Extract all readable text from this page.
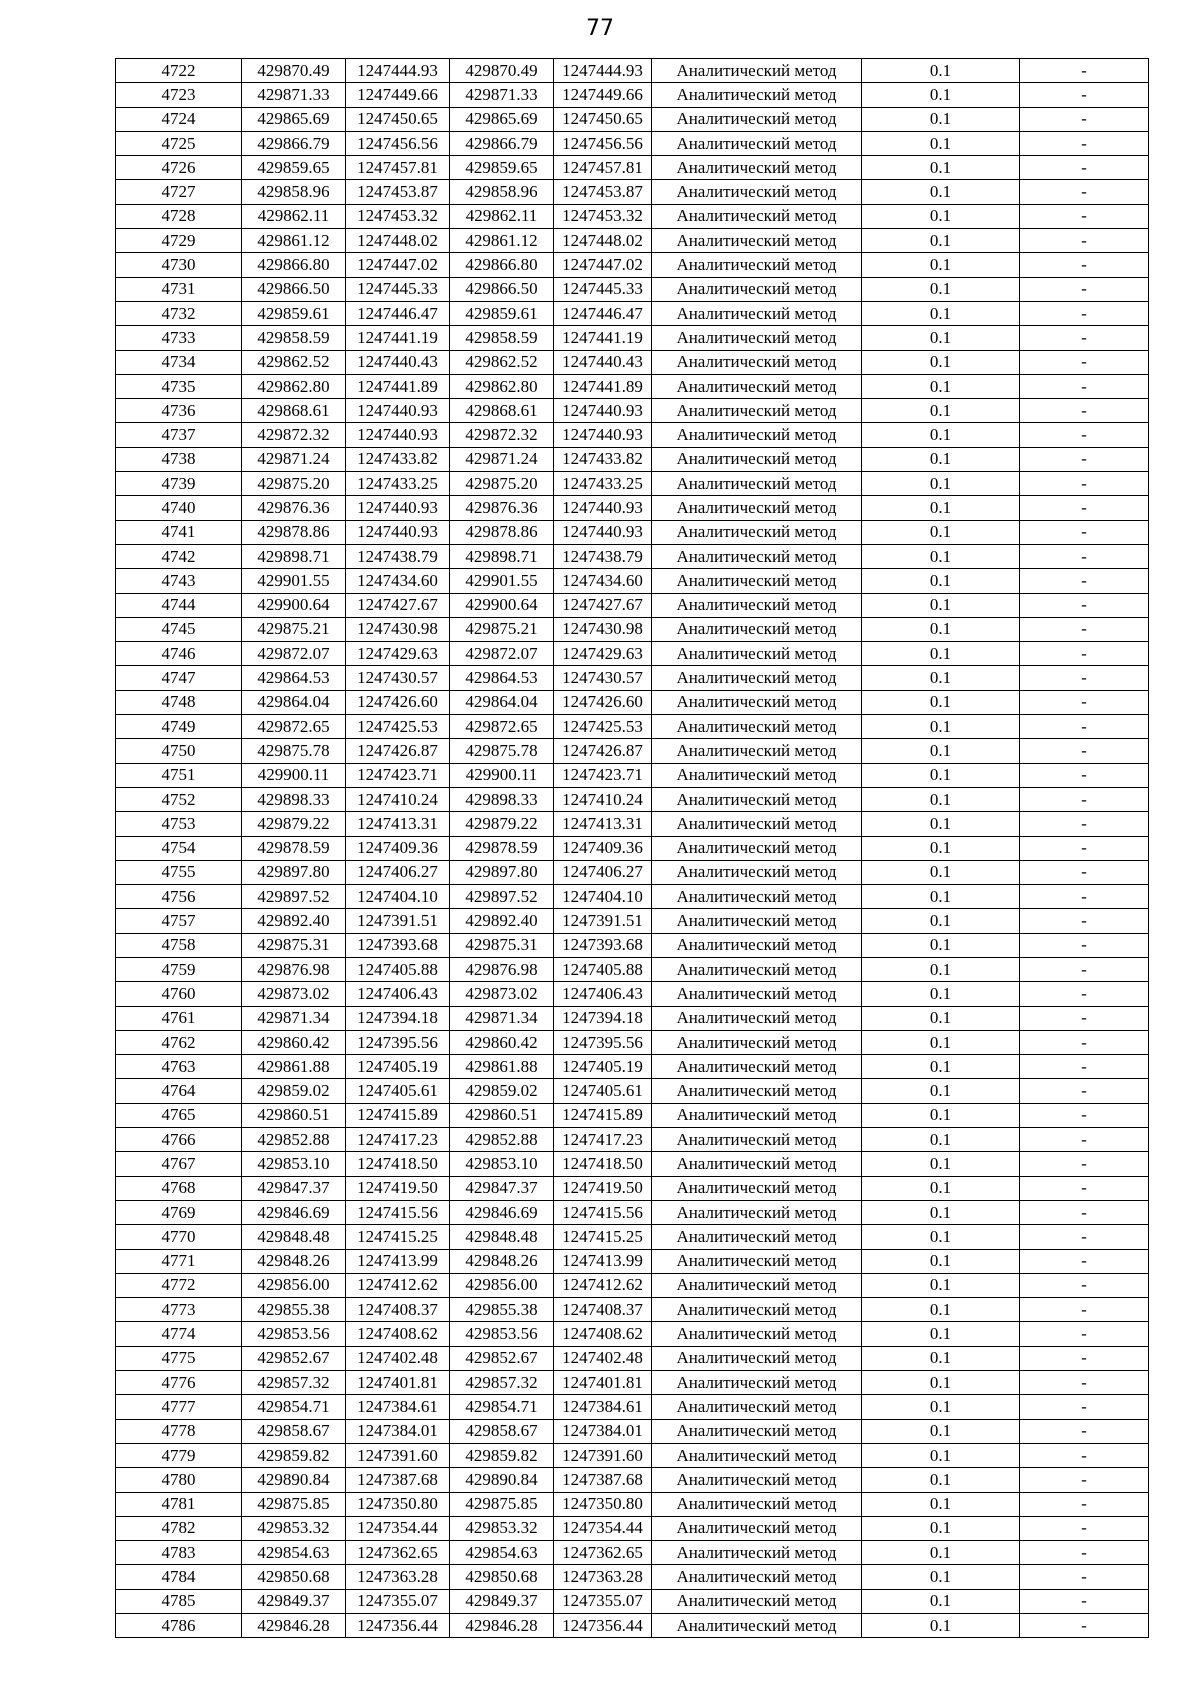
77
4722	429870.49	1247444.93	429870.49	1247444.93	Аналитический метод	0.1	-
4723	429871.33	1247449.66	429871.33	1247449.66	Аналитический метод	0.1	-
4724	429865.69	1247450.65	429865.69	1247450.65	Аналитический метод	0.1	-
4725	429866.79	1247456.56	429866.79	1247456.56	Аналитический метод	0.1	-
4726	429859.65	1247457.81	429859.65	1247457.81	Аналитический метод	0.1	-
4727	429858.96	1247453.87	429858.96	1247453.87	Аналитический метод	0.1	-
4728	429862.11	1247453.32	429862.11	1247453.32	Аналитический метод	0.1	-
4729	429861.12	1247448.02	429861.12	1247448.02	Аналитический метод	0.1	-
4730	429866.80	1247447.02	429866.80	1247447.02	Аналитический метод	0.1	-
4731	429866.50	1247445.33	429866.50	1247445.33	Аналитический метод	0.1	-
4732	429859.61	1247446.47	429859.61	1247446.47	Аналитический метод	0.1	-
4733	429858.59	1247441.19	429858.59	1247441.19	Аналитический метод	0.1	-
4734	429862.52	1247440.43	429862.52	1247440.43	Аналитический метод	0.1	-
4735	429862.80	1247441.89	429862.80	1247441.89	Аналитический метод	0.1	-
4736	429868.61	1247440.93	429868.61	1247440.93	Аналитический метод	0.1	-
4737	429872.32	1247440.93	429872.32	1247440.93	Аналитический метод	0.1	-
4738	429871.24	1247433.82	429871.24	1247433.82	Аналитический метод	0.1	-
4739	429875.20	1247433.25	429875.20	1247433.25	Аналитический метод	0.1	-
4740	429876.36	1247440.93	429876.36	1247440.93	Аналитический метод	0.1	-
4741	429878.86	1247440.93	429878.86	1247440.93	Аналитический метод	0.1	-
4742	429898.71	1247438.79	429898.71	1247438.79	Аналитический метод	0.1	-
4743	429901.55	1247434.60	429901.55	1247434.60	Аналитический метод	0.1	-
4744	429900.64	1247427.67	429900.64	1247427.67	Аналитический метод	0.1	-
4745	429875.21	1247430.98	429875.21	1247430.98	Аналитический метод	0.1	-
4746	429872.07	1247429.63	429872.07	1247429.63	Аналитический метод	0.1	-
4747	429864.53	1247430.57	429864.53	1247430.57	Аналитический метод	0.1	-
4748	429864.04	1247426.60	429864.04	1247426.60	Аналитический метод	0.1	-
4749	429872.65	1247425.53	429872.65	1247425.53	Аналитический метод	0.1	-
4750	429875.78	1247426.87	429875.78	1247426.87	Аналитический метод	0.1	-
4751	429900.11	1247423.71	429900.11	1247423.71	Аналитический метод	0.1	-
4752	429898.33	1247410.24	429898.33	1247410.24	Аналитический метод	0.1	-
4753	429879.22	1247413.31	429879.22	1247413.31	Аналитический метод	0.1	-
4754	429878.59	1247409.36	429878.59	1247409.36	Аналитический метод	0.1	-
4755	429897.80	1247406.27	429897.80	1247406.27	Аналитический метод	0.1	-
4756	429897.52	1247404.10	429897.52	1247404.10	Аналитический метод	0.1	-
4757	429892.40	1247391.51	429892.40	1247391.51	Аналитический метод	0.1	-
4758	429875.31	1247393.68	429875.31	1247393.68	Аналитический метод	0.1	-
4759	429876.98	1247405.88	429876.98	1247405.88	Аналитический метод	0.1	-
4760	429873.02	1247406.43	429873.02	1247406.43	Аналитический метод	0.1	-
4761	429871.34	1247394.18	429871.34	1247394.18	Аналитический метод	0.1	-
4762	429860.42	1247395.56	429860.42	1247395.56	Аналитический метод	0.1	-
4763	429861.88	1247405.19	429861.88	1247405.19	Аналитический метод	0.1	-
4764	429859.02	1247405.61	429859.02	1247405.61	Аналитический метод	0.1	-
4765	429860.51	1247415.89	429860.51	1247415.89	Аналитический метод	0.1	-
4766	429852.88	1247417.23	429852.88	1247417.23	Аналитический метод	0.1	-
4767	429853.10	1247418.50	429853.10	1247418.50	Аналитический метод	0.1	-
4768	429847.37	1247419.50	429847.37	1247419.50	Аналитический метод	0.1	-
4769	429846.69	1247415.56	429846.69	1247415.56	Аналитический метод	0.1	-
4770	429848.48	1247415.25	429848.48	1247415.25	Аналитический метод	0.1	-
4771	429848.26	1247413.99	429848.26	1247413.99	Аналитический метод	0.1	-
4772	429856.00	1247412.62	429856.00	1247412.62	Аналитический метод	0.1	-
4773	429855.38	1247408.37	429855.38	1247408.37	Аналитический метод	0.1	-
4774	429853.56	1247408.62	429853.56	1247408.62	Аналитический метод	0.1	-
4775	429852.67	1247402.48	429852.67	1247402.48	Аналитический метод	0.1	-
4776	429857.32	1247401.81	429857.32	1247401.81	Аналитический метод	0.1	-
4777	429854.71	1247384.61	429854.71	1247384.61	Аналитический метод	0.1	-
4778	429858.67	1247384.01	429858.67	1247384.01	Аналитический метод	0.1	-
4779	429859.82	1247391.60	429859.82	1247391.60	Аналитический метод	0.1	-
4780	429890.84	1247387.68	429890.84	1247387.68	Аналитический метод	0.1	-
4781	429875.85	1247350.80	429875.85	1247350.80	Аналитический метод	0.1	-
4782	429853.32	1247354.44	429853.32	1247354.44	Аналитический метод	0.1	-
4783	429854.63	1247362.65	429854.63	1247362.65	Аналитический метод	0.1	-
4784	429850.68	1247363.28	429850.68	1247363.28	Аналитический метод	0.1	-
4785	429849.37	1247355.07	429849.37	1247355.07	Аналитический метод	0.1	-
4786	429846.28	1247356.44	429846.28	1247356.44	Аналитический метод	0.1	-
